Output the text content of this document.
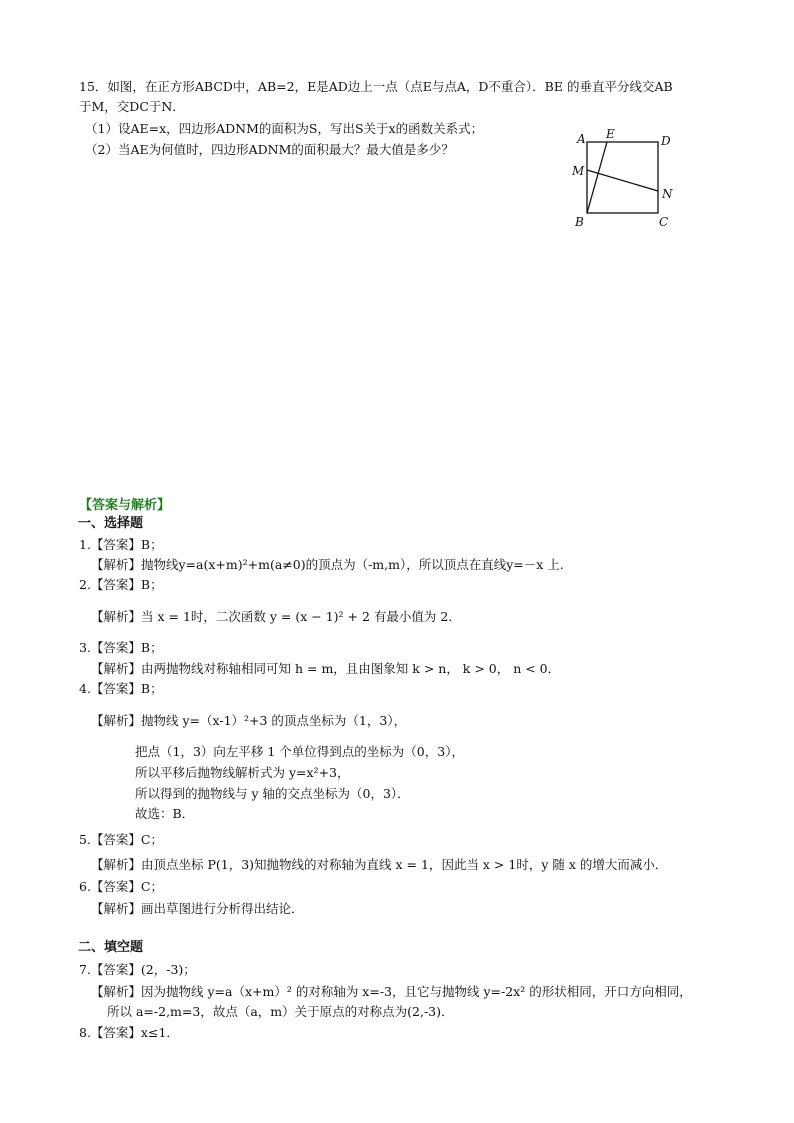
15．如图，在正方形ABCD中，AB=2，E是AD边上一点（点E与点A，D不重合）．BE 的垂直平分线交AB
于M，交DC于N．
（1）设AE=x，四边形ADNM的面积为S，写出S关于x的函数关系式；
（2）当AE为何值时，四边形ADNM的面积最大？最大值是多少？
A E	D
M
N
B	C
【答案与解析】
一、选择题
1.【答案】B；
【解析】抛物线y=a(x+m)²+m(a≠0)的顶点为（-m,m），所以顶点在直线y=－x 上.
2.【答案】B；
【解析】当 x = 1时，二次函数 y = (x − 1)² + 2 有最小值为 2．
3.【答案】B；
【解析】由两抛物线对称轴相同可知 h = m，且由图象知 k > n， k > 0， n < 0．
4.【答案】B；
【解析】抛物线 y=（x-1）²+3 的顶点坐标为（1，3），
把点（1，3）向左平移 1 个单位得到点的坐标为（0，3），
所以平移后抛物线解析式为 y=x²+3，
所以得到的抛物线与 y 轴的交点坐标为（0，3）．
故选：B．
5.【答案】C；
【解析】由顶点坐标 P(1，3)知抛物线的对称轴为直线 x = 1，因此当 x > 1时，y 随 x 的增大而减小．
6.【答案】C；
【解析】画出草图进行分析得出结论．
二、填空题
7.【答案】(2，-3)；
【解析】因为抛物线 y=a（x+m）² 的对称轴为 x=-3，且它与抛物线 y=-2x² 的形状相同，开口方向相同，
所以 a=-2,m=3，故点（a，m）关于原点的对称点为(2,-3)．
8.【答案】x≤1．
